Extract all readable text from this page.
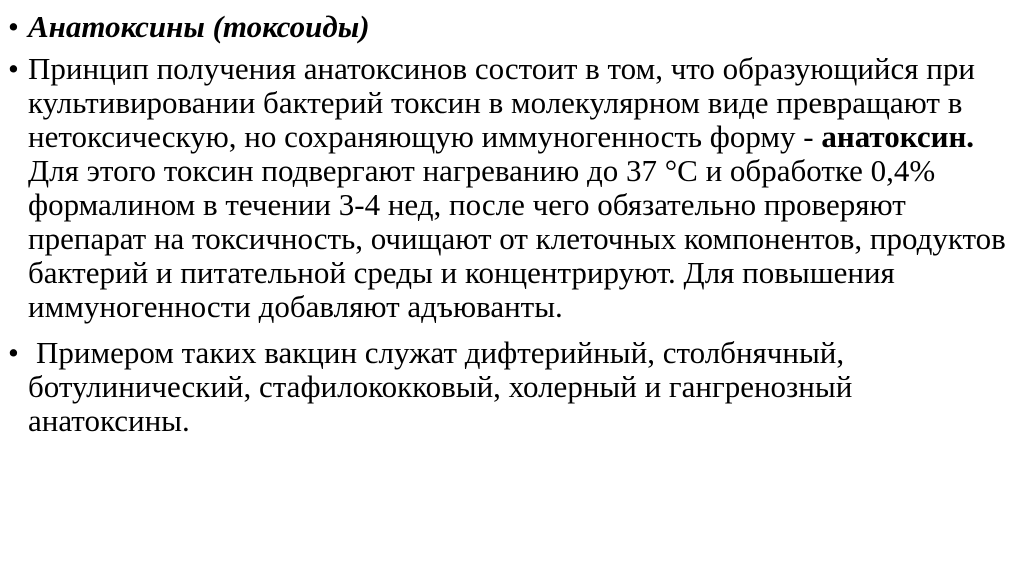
• Анатоксины (токсоиды)
• Принцип получения анатоксинов состоит в том, что образующийся при культивировании бактерий токсин в молекулярном виде превращают в нетоксическую, но сохраняющую иммуногенность форму - анатоксин. Для этого токсин подвергают нагреванию до 37 °С и обработке 0,4% формалином в течении 3-4 нед, после чего обязательно проверяют препарат на токсичность, очищают от клеточных компонентов, продуктов бактерий и питательной среды и концентрируют. Для повышения иммуногенности добавляют адъюванты.
• Примером таких вакцин служат дифтерийный, столбнячный, ботулинический, стафилококковый, холерный и гангренозный анатоксины.
